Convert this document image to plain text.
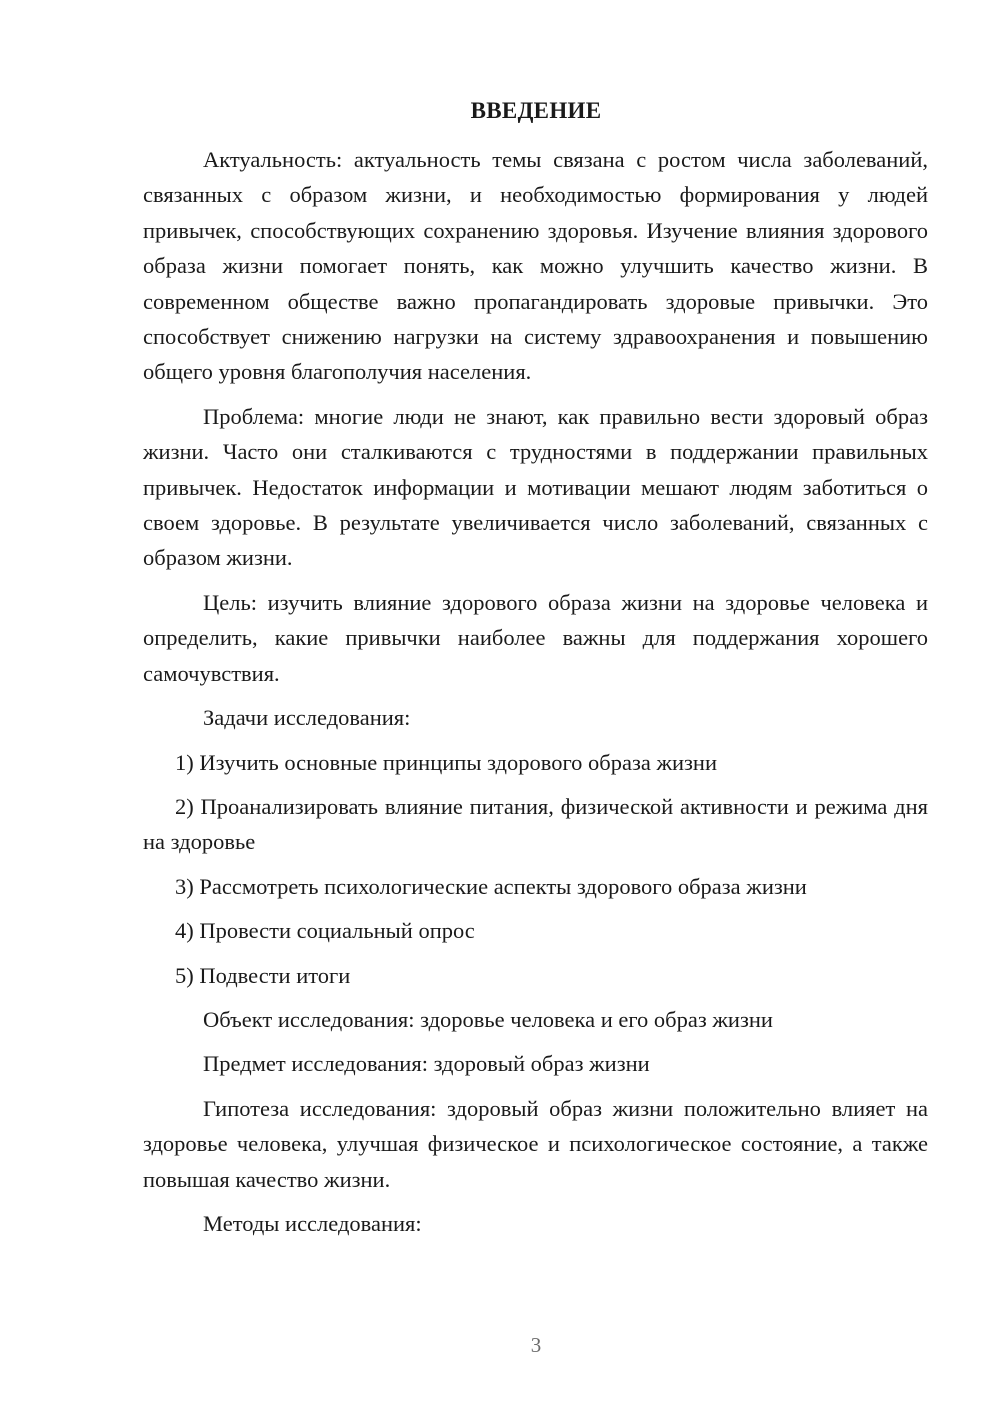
ВВЕДЕНИЕ

Актуальность: актуальность темы связана с ростом числа заболеваний, связанных с образом жизни, и необходимостью формирования у людей привычек, способствующих сохранению здоровья. Изучение влияния здорового образа жизни помогает понять, как можно улучшить качество жизни. В современном обществе важно пропагандировать здоровые привычки. Это способствует снижению нагрузки на систему здравоохранения и повышению общего уровня благополучия населения.

Проблема: многие люди не знают, как правильно вести здоровый образ жизни. Часто они сталкиваются с трудностями в поддержании правильных привычек. Недостаток информации и мотивации мешают людям заботиться о своем здоровье. В результате увеличивается число заболеваний, связанных с образом жизни.

Цель: изучить влияние здорового образа жизни на здоровье человека и определить, какие привычки наиболее важны для поддержания хорошего самочувствия.

Задачи исследования:

1) Изучить основные принципы здорового образа жизни

2) Проанализировать влияние питания, физической активности и режима дня на здоровье

3) Рассмотреть психологические аспекты здорового образа жизни

4) Провести социальный опрос

5) Подвести итоги

Объект исследования: здоровье человека и его образ жизни

Предмет исследования: здоровый образ жизни

Гипотеза исследования: здоровый образ жизни положительно влияет на здоровье человека, улучшая физическое и психологическое состояние, а также повышая качество жизни.

Методы исследования:

3
